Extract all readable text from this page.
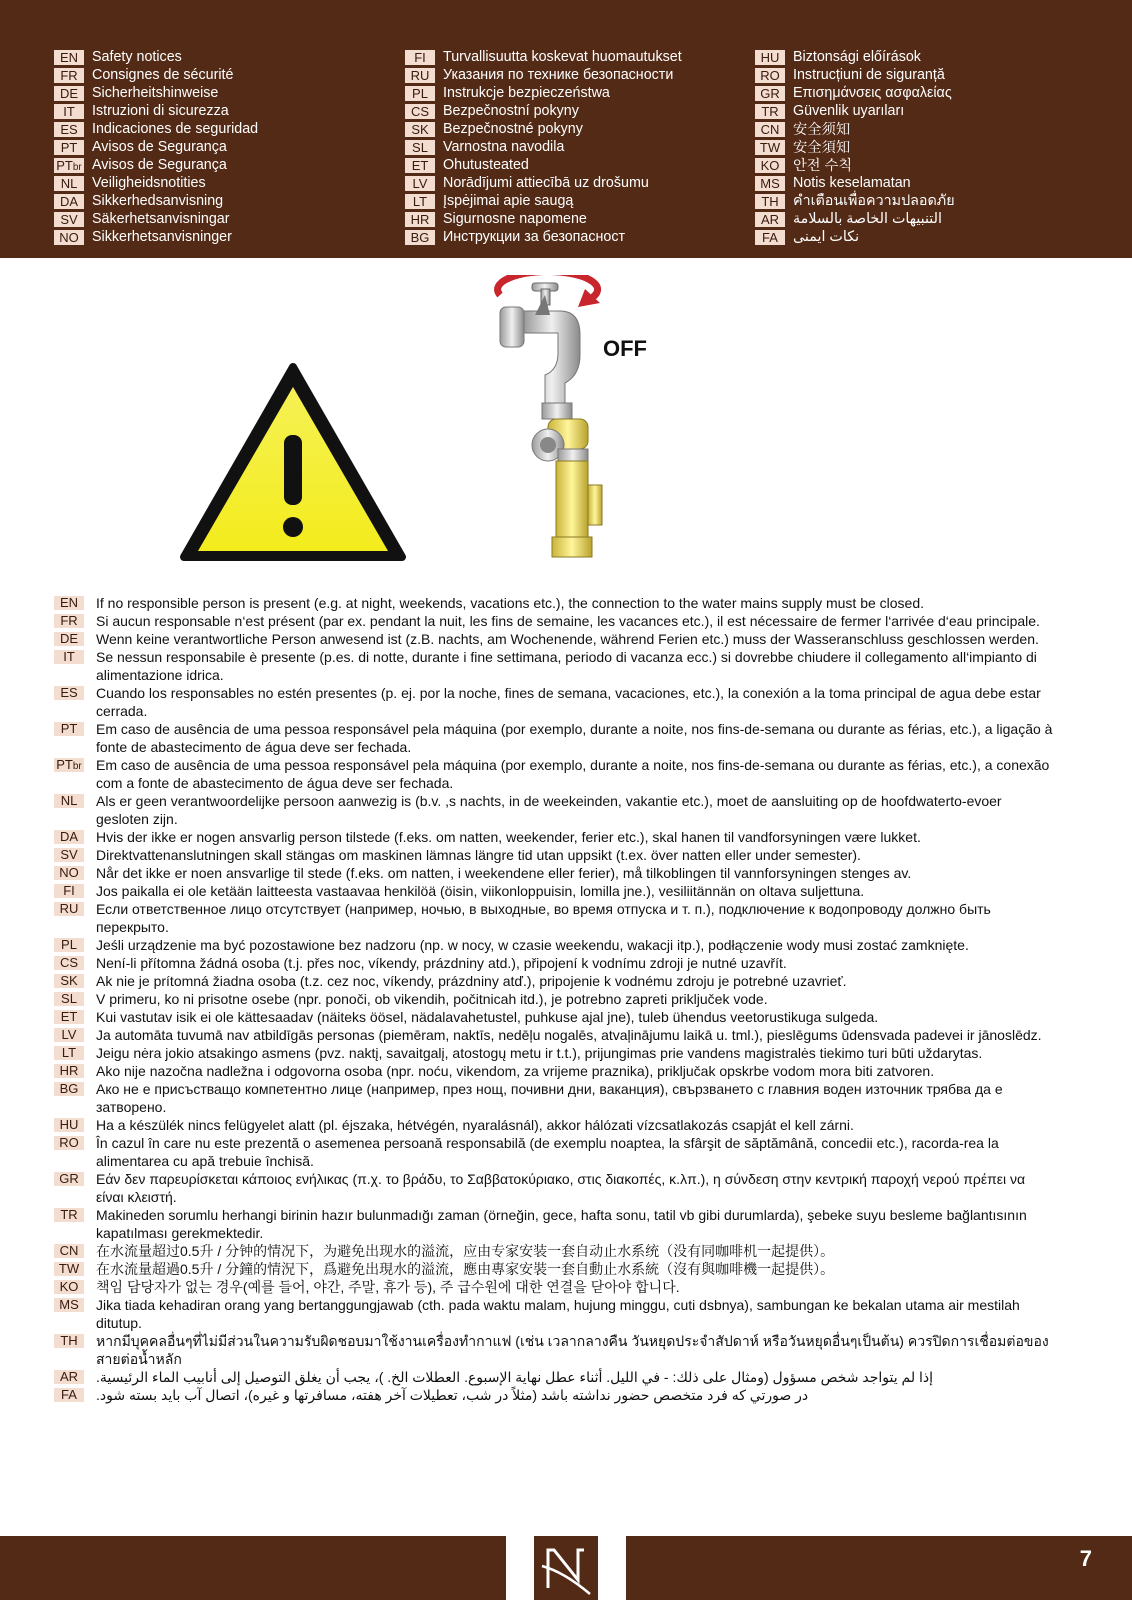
EN Safety notices
FR	Consignes de sécurité
DE Sicherheitshinweise
IT	Istruzioni di sicurezza
ES	Indicaciones de seguridad
PT	Avisos de Segurança
PTbr Avisos de Segurança
NL	Veiligheidsnotities
DA Sikkerhedsanvisning
SV	Säkerhetsanvisningar
NO Sikkerhetsanvisninger
FI	Turvallisuutta koskevat huomautukset
RU Указания по технике безопасности
PL	Instrukcje bezpieczeństwa
CS Bezpečnostní pokyny
SK	Bezpečnostné pokyny
SL	Varnostna navodila
ET	Ohutusteated
LV	Norādījumi attiecībā uz drošumu
LT	Įspėjimai apie saugą
HR Sigurnosne napomene
BG Инструкции за безопасност
HU Biztonsági előírások
RO Instrucțiuni de siguranță
GR Επισημάνσεις ασφαλείας
TR	Güvenlik uyarıları
CN 安全须知
TW 安全須知
KO 안전 수칙
MS Notis keselamatan
TH	คำเตือนเพื่อความปลอดภัย
AR التنبيهات الخاصة بالسلامة
FA	نکات ايمنی
OFF
EN	If no responsible person is present (e.g. at night, weekends, vacations etc.), the connection to the water mains supply must be closed.
FR	Si aucun responsable n‘est présent (par ex. pendant la nuit, les fins de semaine, les vacances etc.), il est nécessaire de fermer l‘arrivée d‘eau principale.
DE	Wenn keine verantwortliche Person anwesend ist (z.B. nachts, am Wochenende, während Ferien etc.) muss der Wasseranschluss geschlossen werden.
IT	Se nessun responsabile è presente (p.es. di notte, durante i fine settimana, periodo di vacanza ecc.) si dovrebbe chiudere il collegamento all‘impianto di alimentazione idrica.
ES	Cuando los responsables no estén presentes (p. ej. por la noche, fines de semana, vacaciones, etc.), la conexión a la toma principal de agua debe estar cerrada.
PT	Em caso de ausência de uma pessoa responsável pela máquina (por exemplo, durante a noite, nos fins-de-semana ou durante as férias, etc.), a ligação à fonte de abastecimento de água deve ser fechada.
PTbr Em caso de ausência de uma pessoa responsável pela máquina (por exemplo, durante a noite, nos fins-de-semana ou durante as férias, etc.), a conexão com a fonte de abastecimento de água deve ser fechada.
NL	Als er geen verantwoordelijke persoon aanwezig is (b.v. ,s nachts, in de weekeinden, vakantie etc.), moet de aansluiting op de hoofdwaterto-evoer gesloten zijn.
DA	Hvis der ikke er nogen ansvarlig person tilstede (f.eks. om natten, weekender, ferier etc.), skal hanen til vandforsyningen være lukket.
SV	Direktvattenanslutningen skall stängas om maskinen lämnas längre tid utan uppsikt (t.ex. över natten eller under semester).
NO	Når det ikke er noen ansvarlige til stede (f.eks. om natten, i weekendene eller ferier), må tilkoblingen til vannforsyningen stenges av.
FI	Jos paikalla ei ole ketään laitteesta vastaavaa henkilöä (öisin, viikonloppuisin, lomilla jne.), vesiliitännän on oltava suljettuna.
RU	Если ответственное лицо отсутствует (например, ночью, в выходные, во время отпуска и т. п.), подключение к водопроводу должно быть перекрыто.
PL	Jeśli urządzenie ma być pozostawione bez nadzoru (np. w nocy, w czasie weekendu, wakacji itp.), podłączenie wody musi zostać zamknięte.
CS	Není-li přítomna žádná osoba (t.j. přes noc, víkendy, prázdniny atd.), připojení k vodnímu zdroji je nutné uzavřít.
SK	Ak nie je prítomná žiadna osoba (t.z. cez noc, víkendy, prázdniny atď.), pripojenie k vodnému zdroju je potrebné uzavrieť.
SL	V primeru, ko ni prisotne osebe (npr. ponoči, ob vikendih, počitnicah itd.), je potrebno zapreti priključek vode.
ET	Kui vastutav isik ei ole kättesaadav (näiteks öösel, nädalavahetustel, puhkuse ajal jne), tuleb ühendus veetorustikuga sulgeda.
LV	Ja automāta tuvumā nav atbildīgās personas (piemēram, naktīs, nedēļu nogalēs, atvaļinājumu laikā u. tml.), pieslēgums ūdensvada padevei ir jānoslēdz.
LT	Jeigu nėra jokio atsakingo asmens (pvz. naktį, savaitgalį, atostogų metu ir t.t.), prijungimas prie vandens magistralės tiekimo turi būti uždarytas.
HR	Ako nije nazočna nadležna i odgovorna osoba (npr. noću, vikendom, za vrijeme praznika), priključak opskrbe vodom mora biti zatvoren.
BG	Ако не е присъстващо компетентно лице (например, през нощ, почивни дни, ваканция), свързването с главния воден източник трябва да е затворено.
HU	Ha a készülék nincs felügyelet alatt (pl. éjszaka, hétvégén, nyaralásnál), akkor hálózati vízcsatlakozás csapját el kell zárni.
RO	În cazul în care nu este prezentă o asemenea persoană responsabilă (de exemplu noaptea, la sfârşit de săptămână, concedii etc.), racorda-rea la alimentarea cu apă trebuie închisă.
GR	Εάν δεν παρευρίσκεται κάποιος ενήλικας (π.χ. το βράδυ, το Σαββατοκύριακο, στις διακοπές, κ.λπ.), η σύνδεση στην κεντρική παροχή νερού πρέπει να είναι κλειστή.
TR	Makineden sorumlu herhangi birinin hazır bulunmadığı zaman (örneğin, gece, hafta sonu, tatil vb gibi durumlarda), şebeke suyu besleme bağlantısının kapatılması gerekmektedir.
CN	在水流量超过0.5升 / 分钟的情况下，为避免出现水的溢流，应由专家安装一套自动止水系统（没有同咖啡机一起提供）。
TW	在水流量超過0.5升 / 分鐘的情況下，爲避免出現水的溢流，應由專家安裝一套自動止水系統（沒有與咖啡機一起提供）。
KO	책임 담당자가 없는 경우(예를 들어, 야간, 주말, 휴가 등), 주 급수원에 대한 연결을 닫아야 합니다.
MS	Jika tiada kehadiran orang yang bertanggungjawab (cth. pada waktu malam, hujung minggu, cuti dsbnya), sambungan ke bekalan utama air mestilah ditutup.
TH	หากมีบุคคลอื่นๆที่ไม่มีส่วนในความรับผิดชอบมาใช้งานเครื่องทำกาแฟ (เช่น เวลากลางคืน วันหยุดประจำสัปดาห์ หรือวันหยุดอื่นๆเป็นต้น) ควรปิดการเชื่อมต่อของสายต่อน้ำหลัก
AR	إذا لم يتواجد شخص مسؤول (ومثال على ذلك: - في الليل. أثناء عطل نهاية الإسبوع. العطلات الخ. )، يجب أن يغلق التوصيل إلى أنابيب الماء الرئيسية.
FA	در صورتي كه فرد متخصص حضور نداشته باشد (مثلاً در شب، تعطيلات آخر هفته، مسافرتها و غيره)، اتصال آب بايد بسته شود.
7
